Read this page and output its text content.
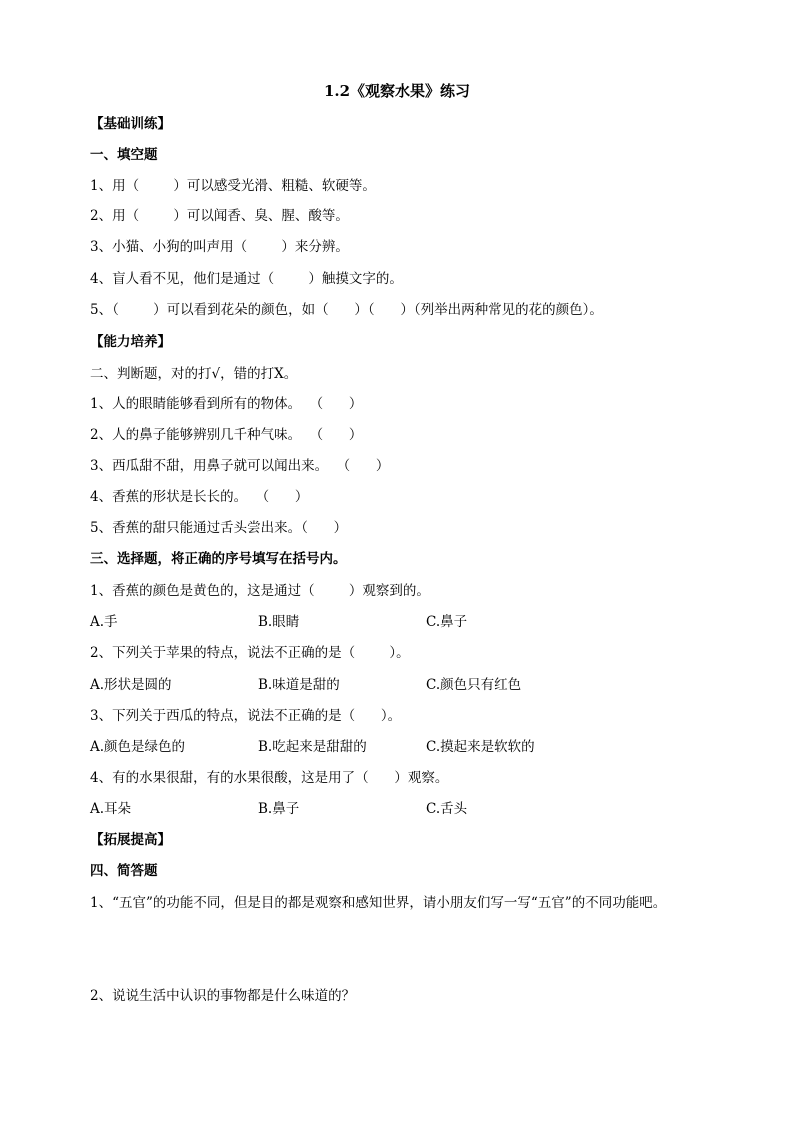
1.2《观察水果》练习

【基础训练】

一、填空题

1、用（        ）可以感受光滑、粗糙、软硬等。

2、用（        ）可以闻香、臭、腥、酸等。

3、小猫、小狗的叫声用（        ）来分辨。

4、盲人看不见，他们是通过（        ）触摸文字的。

5、（        ）可以看到花朵的颜色，如（      ）（      ）（列举出两种常见的花的颜色）。

【能力培养】

二、判断题，对的打√，错的打X。

1、人的眼睛能够看到所有的物体。  （      ）

2、人的鼻子能够辨别几千种气味。  （      ）

3、西瓜甜不甜，用鼻子就可以闻出来。  （      ）

4、香蕉的形状是长长的。  （      ）

5、香蕉的甜只能通过舌头尝出来。（      ）

三、选择题，将正确的序号填写在括号内。

1、香蕉的颜色是黄色的，这是通过（        ）观察到的。

A.手	B.眼睛	C.鼻子

2、下列关于苹果的特点，说法不正确的是（        ）。

A.形状是圆的	B.味道是甜的	C.颜色只有红色

3、下列关于西瓜的特点，说法不正确的是（      ）。

A.颜色是绿色的	B.吃起来是甜甜的	C.摸起来是软软的

4、有的水果很甜，有的水果很酸，这是用了（      ）观察。

A.耳朵	B.鼻子	C.舌头

【拓展提高】

四、简答题

1、“五官”的功能不同，但是目的都是观察和感知世界，请小朋友们写一写“五官”的不同功能吧。

2、说说生活中认识的事物都是什么味道的？
